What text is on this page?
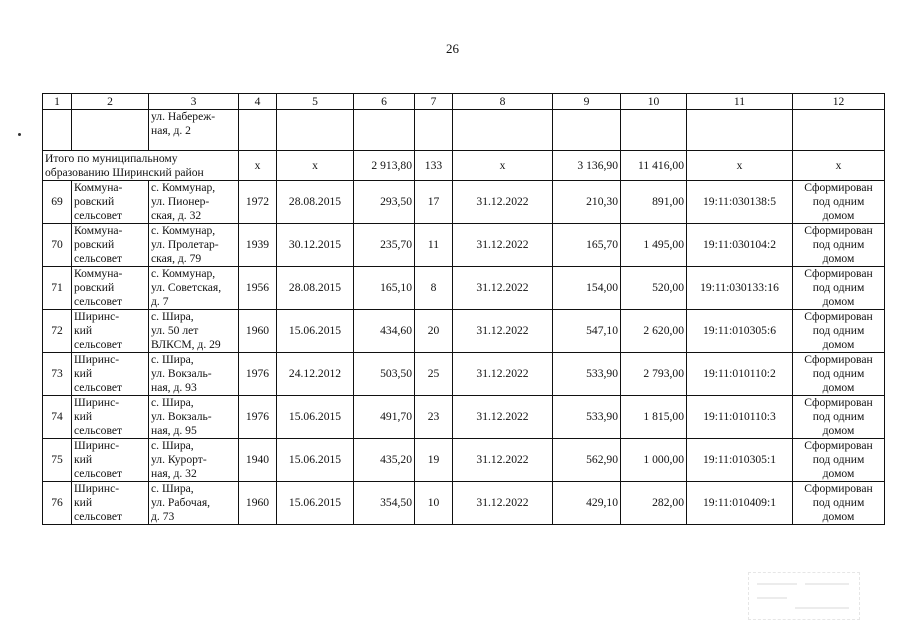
26
1	2	3	4	5	6	7	8	9	10	11	12
		ул. Набереж-
ная, д. 2									
Итого по муниципальному
образованию Ширинский район			х	х	2 913,80	133	х	3 136,90	11 416,00	х	х
69	Коммуна-
ровский
сельсовет	с. Коммунар,
ул. Пионер-
ская, д. 32	1972	28.08.2015	293,50	17	31.12.2022	210,30	891,00	19:11:030138:5	Сформирован
под одним
домом
70	Коммуна-
ровский
сельсовет	с. Коммунар,
ул. Пролетар-
ская, д. 79	1939	30.12.2015	235,70	11	31.12.2022	165,70	1 495,00	19:11:030104:2	Сформирован
под одним
домом
71	Коммуна-
ровский
сельсовет	с. Коммунар,
ул. Советская,
д. 7	1956	28.08.2015	165,10	8	31.12.2022	154,00	520,00	19:11:030133:16	Сформирован
под одним
домом
72	Ширинс-
кий
сельсовет	с. Шира,
ул. 50 лет
ВЛКСМ, д. 29	1960	15.06.2015	434,60	20	31.12.2022	547,10	2 620,00	19:11:010305:6	Сформирован
под одним
домом
73	Ширинс-
кий
сельсовет	с. Шира,
ул. Вокзаль-
ная, д. 93	1976	24.12.2012	503,50	25	31.12.2022	533,90	2 793,00	19:11:010110:2	Сформирован
под одним
домом
74	Ширинс-
кий
сельсовет	с. Шира,
ул. Вокзаль-
ная, д. 95	1976	15.06.2015	491,70	23	31.12.2022	533,90	1 815,00	19:11:010110:3	Сформирован
под одним
домом
75	Ширинс-
кий
сельсовет	с. Шира,
ул. Курорт-
ная, д. 32	1940	15.06.2015	435,20	19	31.12.2022	562,90	1 000,00	19:11:010305:1	Сформирован
под одним
домом
76	Ширинс-
кий
сельсовет	с. Шира,
ул. Рабочая,
д. 73	1960	15.06.2015	354,50	10	31.12.2022	429,10	282,00	19:11:010409:1	Сформирован
под одним
домом
